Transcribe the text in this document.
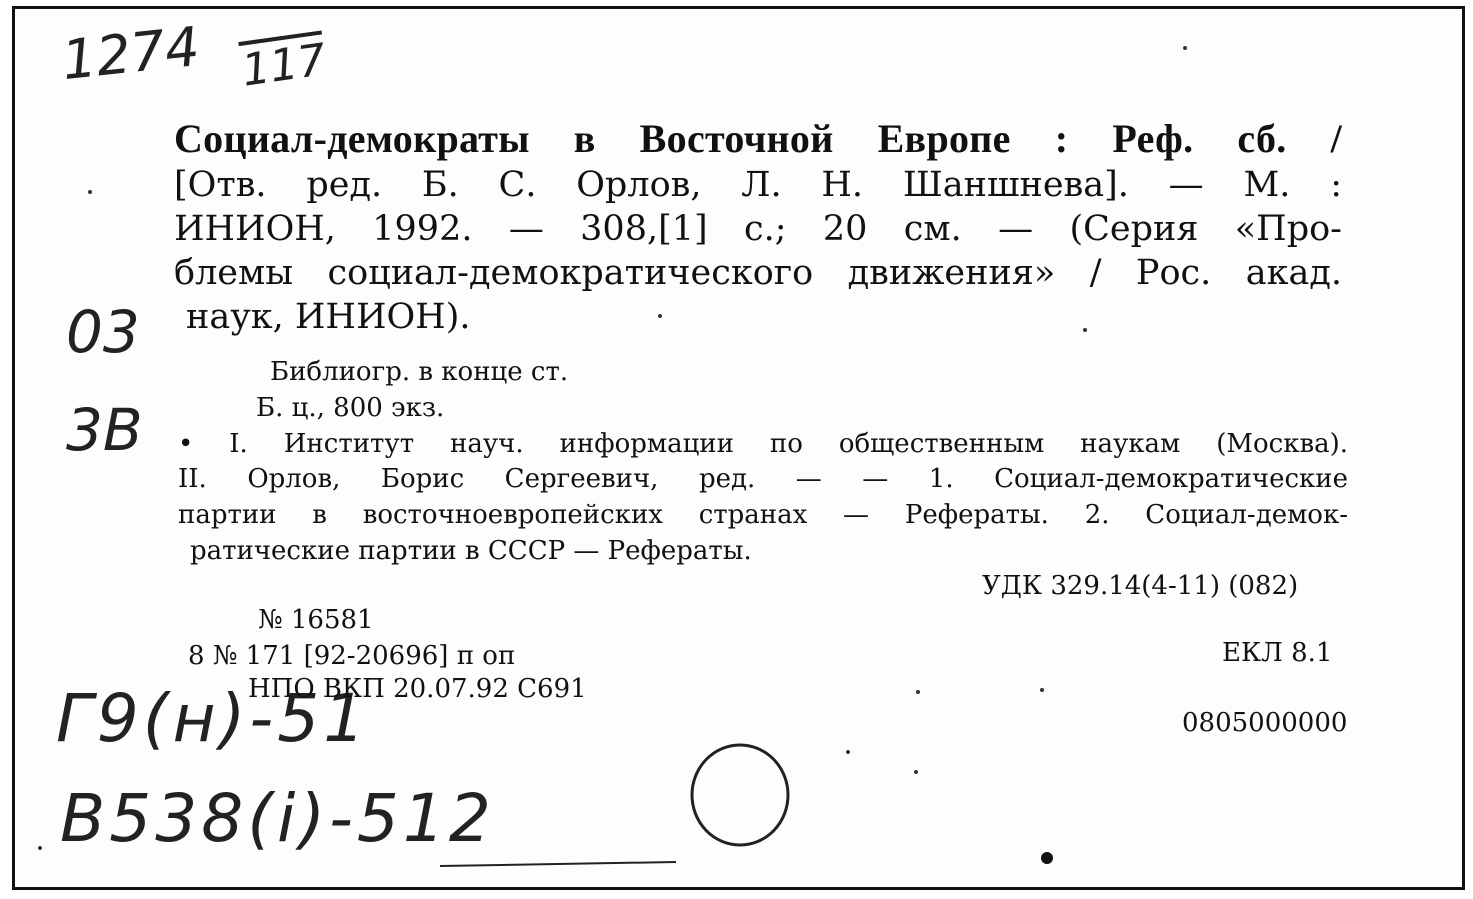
1274 117
03
3B
Г9(н)-51
B538(i)-512
Социал-демократы в Восточной Европе : Реф. сб. /
[Отв. ред. Б. С. Орлов, Л. Н. Шаншнева]. — М. :
ИНИОН, 1992. — 308,[1] с.; 20 см. — (Серия «Про-
блемы социал-демократического движения» / Рос. акад.
наук, ИНИОН).
Библиогр. в конце ст.
Б. ц., 800 экз.
• I. Институт науч. информации по общественным наукам (Москва).
II. Орлов, Борис Сергеевич, ред. — — 1. Социал-демократические
партии в восточноевропейских странах — Рефераты. 2. Социал-демок-
ратические партии в СССР — Рефераты.
УДК 329.14(4-11) (082)
№ 16581
8 № 171 [92-20696] п оп
НПО ВКП 20.07.92 С691
ЕКЛ 8.1
0805000000
